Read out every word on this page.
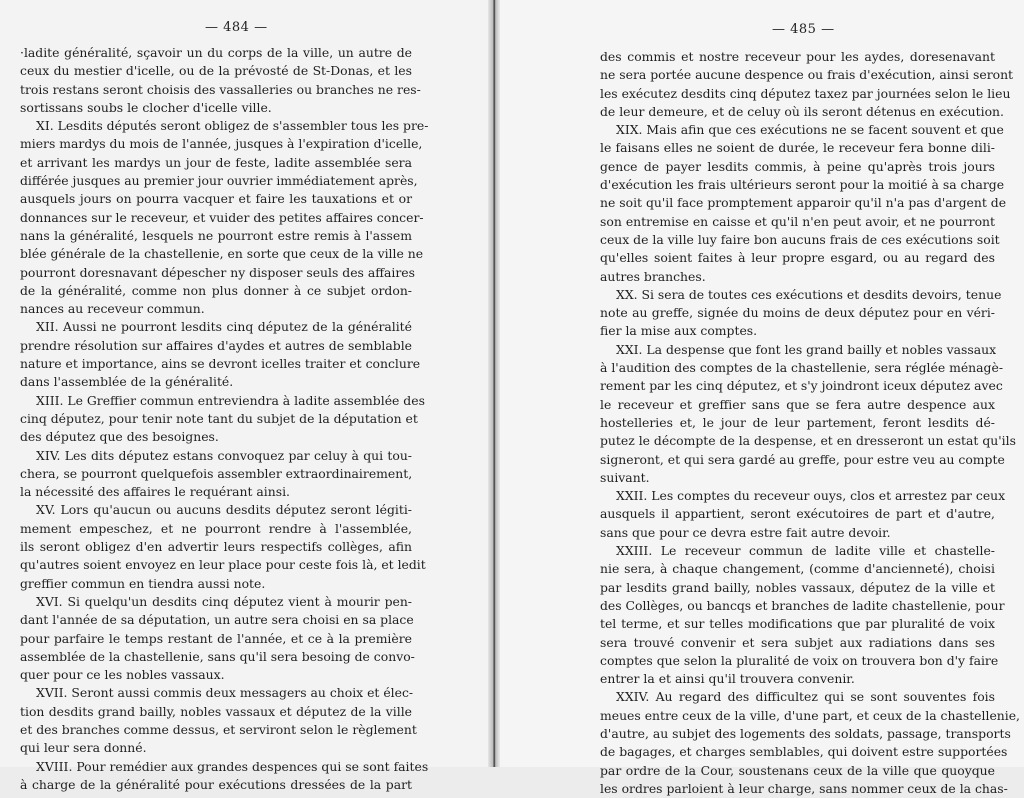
— 484 —
·ladite généralité, sçavoir un du corps de la ville, un autre de
ceux du mestier d'icelle, ou de la prévosté de St-Donas, et les
trois restans seront choisis des vassalleries ou branches ne res-
sortissans soubs le clocher d'icelle ville.
XI. Lesdits députés seront obligez de s'assembler tous les pre-
miers mardys du mois de l'année, jusques à l'expiration d'icelle,
et arrivant les mardys un jour de feste, ladite assemblée sera
différée jusques au premier jour ouvrier immédiatement après,
ausquels jours on pourra vacquer et faire les tauxations et or
donnances sur le receveur, et vuider des petites affaires concer-
nans la généralité, lesquels ne pourront estre remis à l'assem
blée générale de la chastellenie, en sorte que ceux de la ville ne
pourront doresnavant dépescher ny disposer seuls des affaires
de la généralité, comme non plus donner à ce subjet ordon-
nances au receveur commun.
XII. Aussi ne pourront lesdits cinq députez de la généralité
prendre résolution sur affaires d'aydes et autres de semblable
nature et importance, ains se devront icelles traiter et conclure
dans l'assemblée de la généralité.
XIII. Le Greffier commun entreviendra à ladite assemblée des
cinq députez, pour tenir note tant du subjet de la députation et
des députez que des besoignes.
XIV. Les dits députez estans convoquez par celuy à qui tou-
chera, se pourront quelquefois assembler extraordinairement,
la nécessité des affaires le requérant ainsi.
XV. Lors qu'aucun ou aucuns desdits députez seront légiti-
mement empeschez, et ne pourront rendre à l'assemblée,
ils seront obligez d'en advertir leurs respectifs collèges, afin
qu'autres soient envoyez en leur place pour ceste fois là, et ledit
greffier commun en tiendra aussi note.
XVI. Si quelqu'un desdits cinq députez vient à mourir pen-
dant l'année de sa députation, un autre sera choisi en sa place
pour parfaire le temps restant de l'année, et ce à la première
assemblée de la chastellenie, sans qu'il sera besoing de convo-
quer pour ce les nobles vassaux.
XVII. Seront aussi commis deux messagers au choix et élec-
tion desdits grand bailly, nobles vassaux et députez de la ville
et des branches comme dessus, et serviront selon le règlement
qui leur sera donné.
XVIII. Pour remédier aux grandes despences qui se sont faites
à charge de la généralité pour exécutions dressées de la part
— 485 —
des commis et nostre receveur pour les aydes, doresenavant
ne sera portée aucune despence ou frais d'exécution, ainsi seront
les exécutez desdits cinq députez taxez par journées selon le lieu
de leur demeure, et de celuy où ils seront détenus en exécution.
XIX. Mais afin que ces exécutions ne se facent souvent et que
le faisans elles ne soient de durée, le receveur fera bonne dili-
gence de payer lesdits commis, à peine qu'après trois jours
d'exécution les frais ultérieurs seront pour la moitié à sa charge
ne soit qu'il face promptement apparoir qu'il n'a pas d'argent de
son entremise en caisse et qu'il n'en peut avoir, et ne pourront
ceux de la ville luy faire bon aucuns frais de ces exécutions soit
qu'elles soient faites à leur propre esgard, ou au regard des
autres branches.
XX. Si sera de toutes ces exécutions et desdits devoirs, tenue
note au greffe, signée du moins de deux députez pour en véri-
fier la mise aux comptes.
XXI. La despense que font les grand bailly et nobles vassaux
à l'audition des comptes de la chastellenie, sera réglée ménagè-
rement par les cinq députez, et s'y joindront iceux députez avec
le receveur et greffier sans que se fera autre despence aux
hostelleries et, le jour de leur partement, feront lesdits dé-
putez le décompte de la despense, et en dresseront un estat qu'ils
signeront, et qui sera gardé au greffe, pour estre veu au compte
suivant.
XXII. Les comptes du receveur ouys, clos et arrestez par ceux
ausquels il appartient, seront exécutoires de part et d'autre,
sans que pour ce devra estre fait autre devoir.
XXIII. Le receveur commun de ladite ville et chastelle-
nie sera, à chaque changement, (comme d'ancienneté), choisi
par lesdits grand bailly, nobles vassaux, députez de la ville et
des Collèges, ou bancqs et branches de ladite chastellenie, pour
tel terme, et sur telles modifications que par pluralité de voix
sera trouvé convenir et sera subjet aux radiations dans ses
comptes que selon la pluralité de voix on trouvera bon d'y faire
entrer la et ainsi qu'il trouvera convenir.
XXIV. Au regard des difficultez qui se sont souventes fois
meues entre ceux de la ville, d'une part, et ceux de la chastellenie,
d'autre, au subjet des logements des soldats, passage, transports
de bagages, et charges semblables, qui doivent estre supportées
par ordre de la Cour, soustenans ceux de la ville que quoyque
les ordres parloient à leur charge, sans nommer ceux de la chas-
